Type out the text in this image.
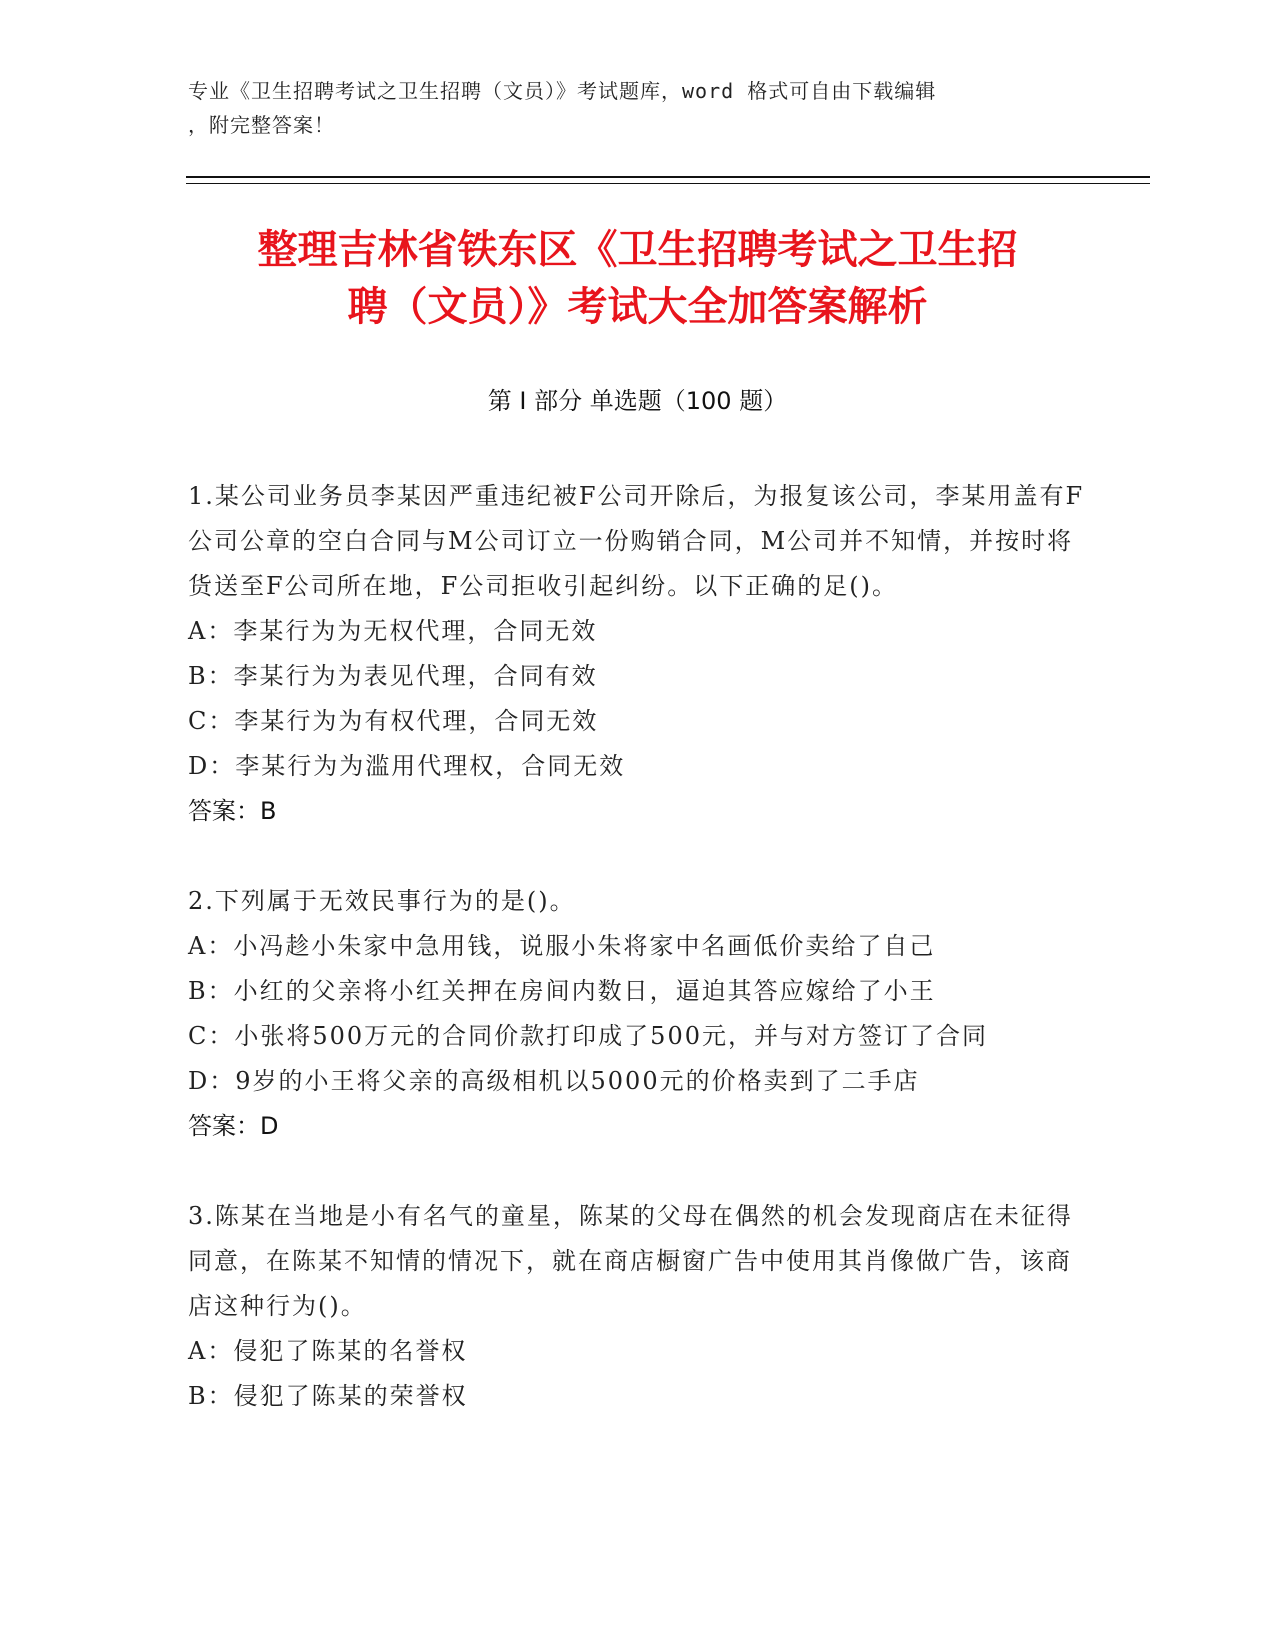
专业《卫生招聘考试之卫生招聘（文员）》考试题库，word 格式可自由下载编辑
，附完整答案！
整理吉林省铁东区《卫生招聘考试之卫生招
聘（文员）》考试大全加答案解析
第 I 部分 单选题（100 题）

1.某公司业务员李某因严重违纪被F公司开除后，为报复该公司，李某用盖有F公司公章的空白合同与M公司订立一份购销合同，M公司并不知情，并按时将货送至F公司所在地，F公司拒收引起纠纷。以下正确的足()。

A：李某行为为无权代理，合同无效

B：李某行为为表见代理，合同有效

C：李某行为为有权代理，合同无效

D：李某行为为滥用代理权，合同无效

答案：B

2.下列属于无效民事行为的是()。

A：小冯趁小朱家中急用钱，说服小朱将家中名画低价卖给了自己

B：小红的父亲将小红关押在房间内数日，逼迫其答应嫁给了小王

C：小张将500万元的合同价款打印成了500元，并与对方签订了合同

D：9岁的小王将父亲的高级相机以5000元的价格卖到了二手店

答案：D

3.陈某在当地是小有名气的童星，陈某的父母在偶然的机会发现商店在未征得同意，在陈某不知情的情况下，就在商店橱窗广告中使用其肖像做广告，该商店这种行为()。

A：侵犯了陈某的名誉权

B：侵犯了陈某的荣誉权
